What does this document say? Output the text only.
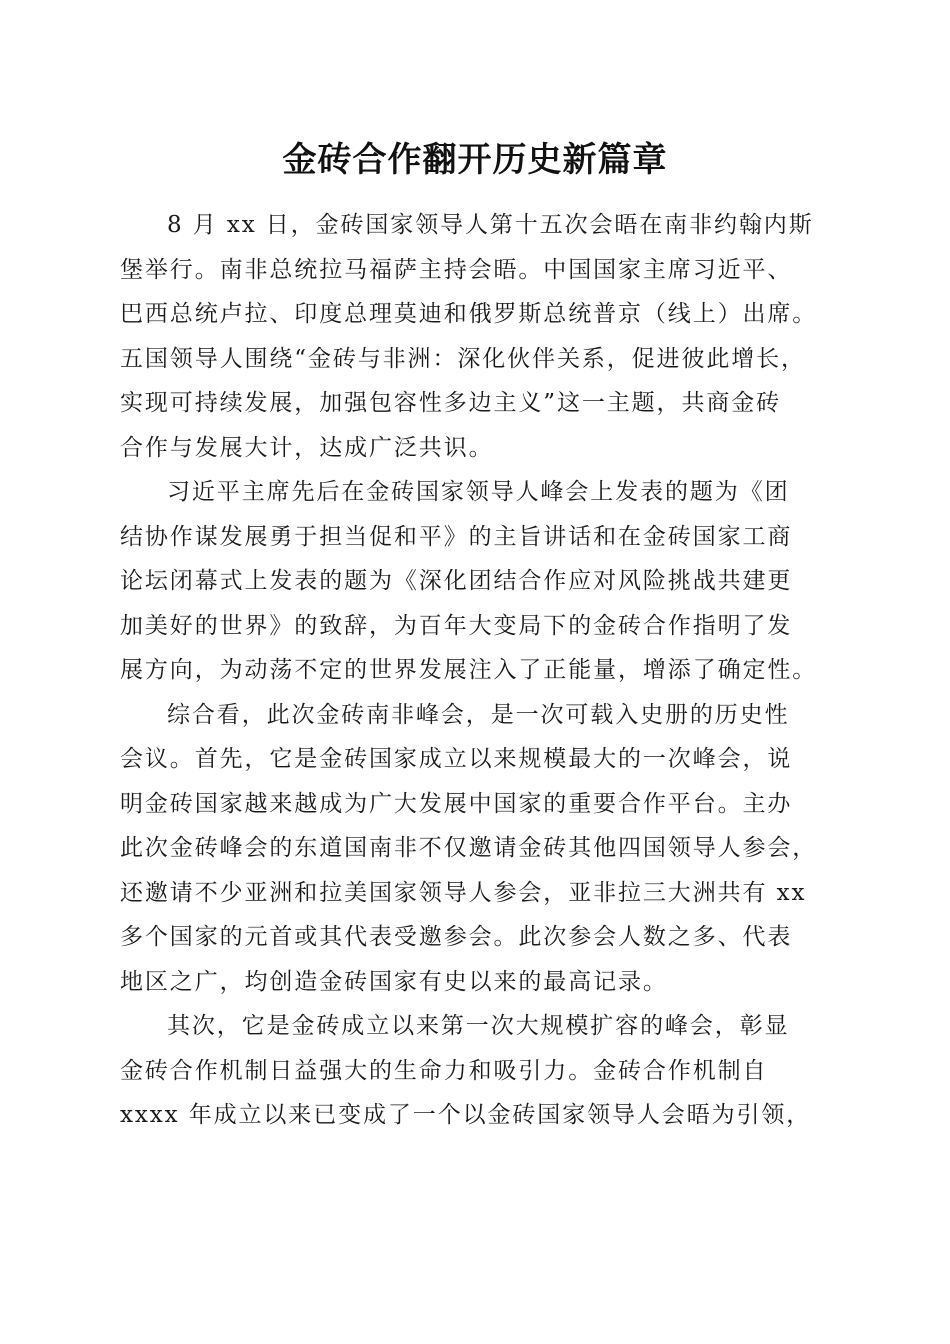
金砖合作翻开历史新篇章
8 月 xx 日，金砖国家领导人第十五次会晤在南非约翰内斯
堡举行。南非总统拉马福萨主持会晤。中国国家主席习近平、
巴西总统卢拉、印度总理莫迪和俄罗斯总统普京（线上）出席。
五国领导人围绕“金砖与非洲：深化伙伴关系，促进彼此增长，
实现可持续发展，加强包容性多边主义”这一主题，共商金砖
合作与发展大计，达成广泛共识。
习近平主席先后在金砖国家领导人峰会上发表的题为《团
结协作谋发展勇于担当促和平》的主旨讲话和在金砖国家工商
论坛闭幕式上发表的题为《深化团结合作应对风险挑战共建更
加美好的世界》的致辞，为百年大变局下的金砖合作指明了发
展方向，为动荡不定的世界发展注入了正能量，增添了确定性。
综合看，此次金砖南非峰会，是一次可载入史册的历史性
会议。首先，它是金砖国家成立以来规模最大的一次峰会，说
明金砖国家越来越成为广大发展中国家的重要合作平台。主办
此次金砖峰会的东道国南非不仅邀请金砖其他四国领导人参会，
还邀请不少亚洲和拉美国家领导人参会，亚非拉三大洲共有 xx
多个国家的元首或其代表受邀参会。此次参会人数之多、代表
地区之广，均创造金砖国家有史以来的最高记录。
其次，它是金砖成立以来第一次大规模扩容的峰会，彰显
金砖合作机制日益强大的生命力和吸引力。金砖合作机制自
xxxx 年成立以来已变成了一个以金砖国家领导人会晤为引领，
